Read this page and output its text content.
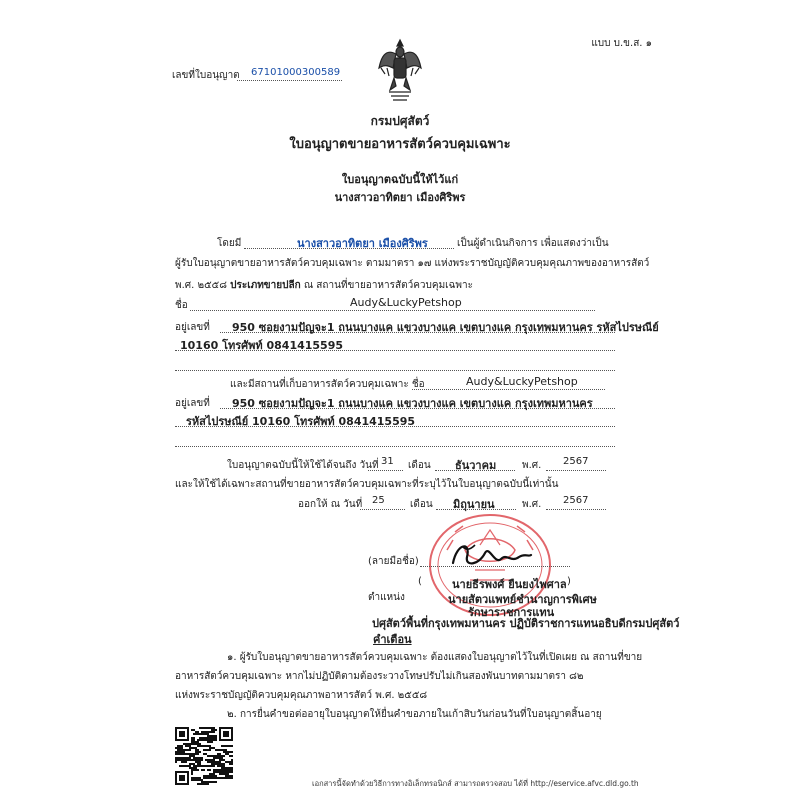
แบบ บ.ข.ส. ๑
เลขที่ใบอนุญาต 67101000300589
กรมปศุสัตว์
ใบอนุญาตขายอาหารสัตว์ควบคุมเฉพาะ
ใบอนุญาตฉบับนี้ให้ไว้แก่
นางสาวอาทิตยา เมืองศิริพร
โดยมี	นางสาวอาทิตยา เมืองศิริพร	เป็นผู้ดำเนินกิจการ เพื่อแสดงว่าเป็น
ผู้รับใบอนุญาตขายอาหารสัตว์ควบคุมเฉพาะ ตามมาตรา ๑๗ แห่งพระราชบัญญัติควบคุมคุณภาพของอาหารสัตว์
พ.ศ. ๒๕๕๘ ประเภทขายปลีก ณ สถานที่ขายอาหารสัตว์ควบคุมเฉพาะ
ชื่อ	Audy&LuckyPetshop
อยู่เลขที่ 950 ซอยงามปัญจะ1 ถนนบางแค แขวงบางแค เขตบางแค กรุงเทพมหานคร รหัสไปรษณีย์
10160 โทรศัพท์ 0841415595
และมีสถานที่เก็บอาหารสัตว์ควบคุมเฉพาะ ชื่อ	Audy&LuckyPetshop
อยู่เลขที่ 950 ซอยงามปัญจะ1 ถนนบางแค แขวงบางแค เขตบางแค กรุงเทพมหานคร
รหัสไปรษณีย์ 10160 โทรศัพท์ 0841415595
ใบอนุญาตฉบับนี้ให้ใช้ได้จนถึง วันที่ 31 เดือน ธันวาคม	พ.ศ. 2567
และให้ใช้ได้เฉพาะสถานที่ขายอาหารสัตว์ควบคุมเฉพาะที่ระบุไว้ในใบอนุญาตฉบับนี้เท่านั้น
ออกให้ ณ วันที่ 25	เดือน มิถุนายน	พ.ศ. 2567
(ลายมือชื่อ)
(	นายธีรพงศ์ ยืนยงไพศาล )
ตำแหน่ง	นายสัตวแพทย์ชำนาญการพิเศษ
รักษาราชการแทน
ปศุสัตว์พื้นที่กรุงเทพมหานคร ปฏิบัติราชการแทนอธิบดีกรมปศุสัตว์
คำเตือน
๑. ผู้รับใบอนุญาตขายอาหารสัตว์ควบคุมเฉพาะ ต้องแสดงใบอนุญาตไว้ในที่เปิดเผย ณ สถานที่ขาย
อาหารสัตว์ควบคุมเฉพาะ หากไม่ปฏิบัติตามต้องระวางโทษปรับไม่เกินสองพันบาทตามมาตรา ๘๒
แห่งพระราชบัญญัติควบคุมคุณภาพอาหารสัตว์ พ.ศ. ๒๕๕๘
๒. การยื่นคำขอต่ออายุใบอนุญาตให้ยื่นคำขอภายในเก้าสิบวันก่อนวันที่ใบอนุญาตสิ้นอายุ
เอกสารนี้จัดทำด้วยวิธีการทางอิเล็กทรอนิกส์ สามารถตรวจสอบ ได้ที่ http://eservice.afvc.dld.go.th
